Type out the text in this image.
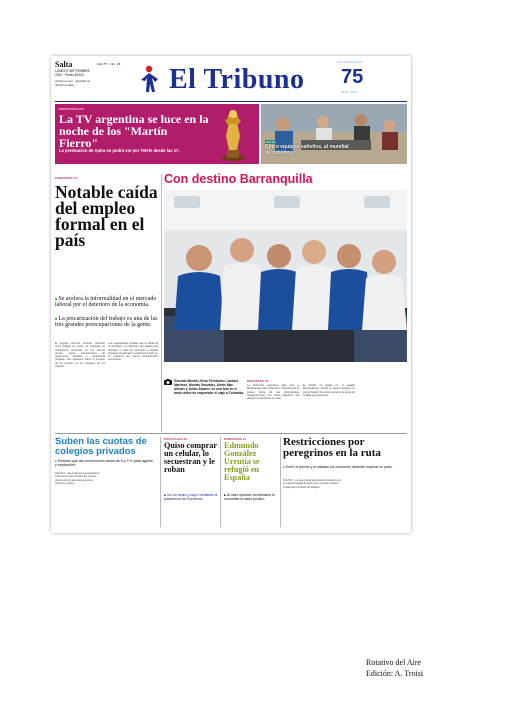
Salta
LUNES 9 SEPTIEMBRE 2024 · Precio $1000
eltribuno.com · @eltribuno · /eltribunosalta
Año 75° · Nro. 26. El Tribuno
ANIVERSARIO
75
1949 - 2024
ESPECTÁCULOS
La TV argentina se luce en la noche de los "Martín Fierro"
La premiación de Aptra se podrá ver por Telefe desde las 17.
SALTA
Cinco equipos salteños, al mundial de robótica
PANORAMA 27
Notable caída del empleo formal en el país
■ Se acelera la informalidad en el mercado laboral por el deterioro de la economía.
■ La precarización del trabajo es una de las tres grandes preocupaciones de la gente.
El empleo informal, también conocido como trabajo en negro, ha mostrado un crecimiento sostenido en los últimos meses, según relevamientos de organismos oficiales y consultoras privadas, que advierten sobre el impacto de la recesión en los ingresos de los hogares.
Los especialistas señalan que la caída de la actividad y el deterioro del salario real empujan a miles de personas a aceptar empleos sin aportes ni cobertura social, en un contexto de fuerte incertidumbre económica.
Con destino Barranquilla
Gonzalo Montiel, Enzo Fernández, Lautaro Martínez, Nicolás González, Alexis Mac Allister y Julián Álvarez, en una foto en el avión antes de emprender el viaje a Colombia.
DEPORTES 32
La Selección argentina viajó ayer a Barranquilla para enfrentar a Colombia por la octava fecha de las Eliminatorias Sudamericanas, con varios jugadores del plantel compartiendo el vuelo.
El partido se jugará en el estadio Metropolitano, donde el equipo dirigido por Lionel Scaloni buscará mantener la punta de la tabla de posiciones.
Suben las cuotas de colegios privados
■ Estiman que las correcciones serán de 6 y 9 % para agosto y septiembre.
SALTA 6 · Las instituciones educativas informaron a las familias los nuevos valores de los aranceles para los próximos meses.
POLICIALES 40
Quiso comprar un celular, lo secuestran y le roban
■ Vio un aviso y cayó mediante la plataforma de Facebook.
PANORAMA 21
Edmundo González Urrutia se refugió en España
■ Al líder opositor venezolano le concedieron asilo político.
Restricciones por peregrinos en la ruta
■ Entre el jueves y el sábado los camiones deberán esperar su paso.
SALTA 6 · La ruta 9 será de escasa circulación por la masiva llegada de fieles que caminan hacia la ciudad para la fiesta del Milagro.
Rotativo del Aire
Edición: A. Troisi
